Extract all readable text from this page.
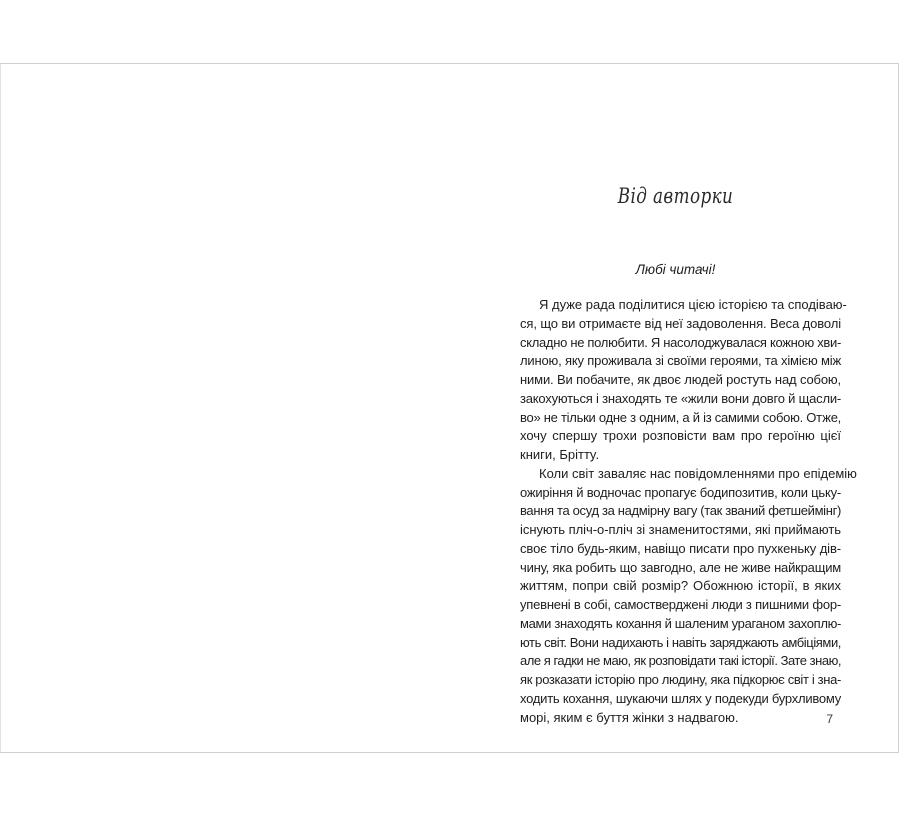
Від авторки

Любі читачі!

Я дуже рада поділитися цією історією та сподіваю-
ся, що ви отримаєте від неї задоволення. Веса доволі
складно не полюбити. Я насолоджувалася кожною хви-
линою, яку проживала зі своїми героями, та хімією між
ними. Ви побачите, як двоє людей ростуть над собою,
закохуються і знаходять те «жили вони довго й щасли-
во» не тільки одне з одним, а й із самими собою. Отже,
хочу спершу трохи розповісти вам про героїню цієї
книги, Бріттy.
Коли світ заваляє нас повідомленнями про епідемію
ожиріння й водночас пропагує бодипозитив, коли цьку-
вання та осуд за надмірну вагу (так званий фетшеймінг)
існують пліч-о-пліч зі знаменитостями, які приймають
своє тіло будь-яким, навіщо писати про пухкеньку дів-
чину, яка робить що завгодно, але не живе найкращим
життям, попри свій розмір? Обожнюю історії, в яких
упевнені в собі, самостверджені люди з пишними фор-
мами знаходять кохання й шаленим ураганом захоплю-
ють світ. Вони надихають і навіть заряджають амбіціями,
але я гадки не маю, як розповідати такі історії. Зате знаю,
як розказати історію про людину, яка підкорює світ і зна-
ходить кохання, шукаючи шлях у подекуди бурхливому
морі, яким є буття жінки з надвагою.	7
